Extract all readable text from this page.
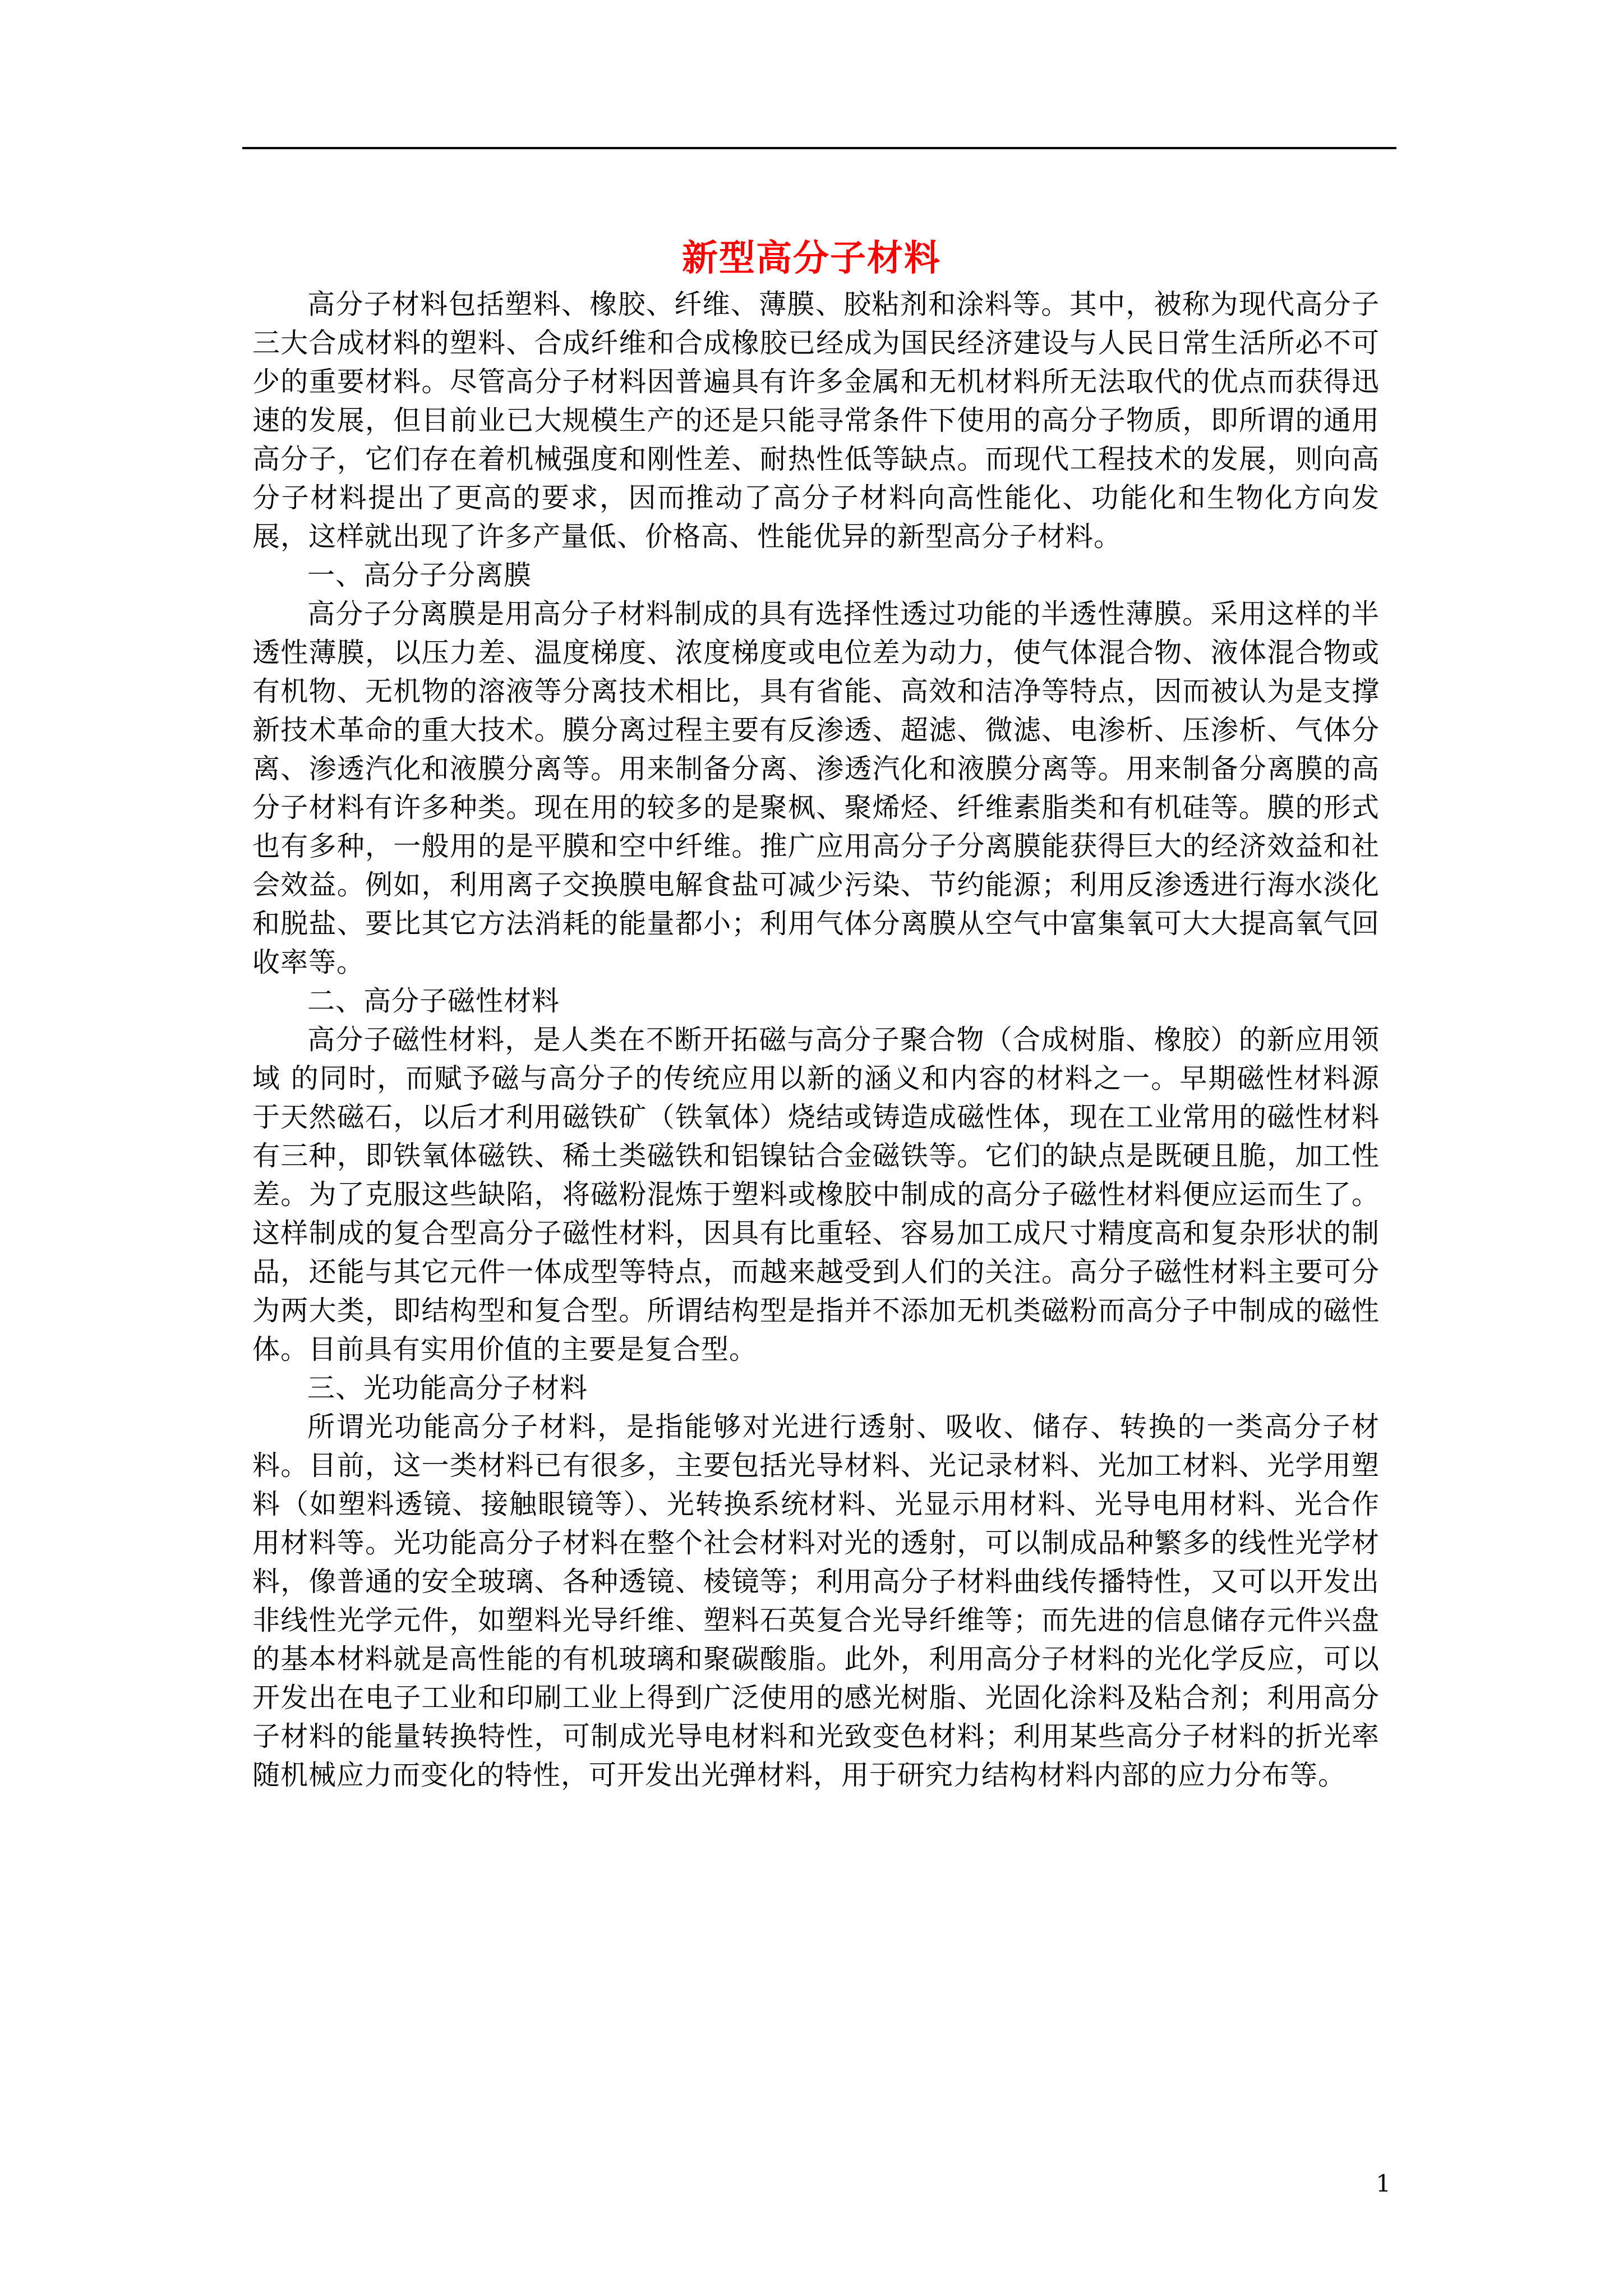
新型高分子材料

高分子材料包括塑料、橡胶、纤维、薄膜、胶粘剂和涂料等。其中，被称为现代高分子三大合成材料的塑料、合成纤维和合成橡胶已经成为国民经济建设与人民日常生活所必不可少的重要材料。尽管高分子材料因普遍具有许多金属和无机材料所无法取代的优点而获得迅速的发展，但目前业已大规模生产的还是只能寻常条件下使用的高分子物质，即所谓的通用高分子，它们存在着机械强度和刚性差、耐热性低等缺点。而现代工程技术的发展，则向高分子材料提出了更高的要求，因而推动了高分子材料向高性能化、功能化和生物化方向发展，这样就出现了许多产量低、价格高、性能优异的新型高分子材料。

一、高分子分离膜

高分子分离膜是用高分子材料制成的具有选择性透过功能的半透性薄膜。采用这样的半透性薄膜，以压力差、温度梯度、浓度梯度或电位差为动力，使气体混合物、液体混合物或有机物、无机物的溶液等分离技术相比，具有省能、高效和洁净等特点，因而被认为是支撑新技术革命的重大技术。膜分离过程主要有反渗透、超滤、微滤、电渗析、压渗析、气体分离、渗透汽化和液膜分离等。用来制备分离、渗透汽化和液膜分离等。用来制备分离膜的高分子材料有许多种类。现在用的较多的是聚枫、聚烯烃、纤维素脂类和有机硅等。膜的形式也有多种，一般用的是平膜和空中纤维。推广应用高分子分离膜能获得巨大的经济效益和社会效益。例如，利用离子交换膜电解食盐可减少污染、节约能源；利用反渗透进行海水淡化和脱盐、要比其它方法消耗的能量都小；利用气体分离膜从空气中富集氧可大大提高氧气回收率等。

二、高分子磁性材料

高分子磁性材料，是人类在不断开拓磁与高分子聚合物（合成树脂、橡胶）的新应用领域 的同时，而赋予磁与高分子的传统应用以新的涵义和内容的材料之一。早期磁性材料源于天然磁石，以后才利用磁铁矿（铁氧体）烧结或铸造成磁性体，现在工业常用的磁性材料有三种，即铁氧体磁铁、稀土类磁铁和铝镍钴合金磁铁等。它们的缺点是既硬且脆，加工性差。为了克服这些缺陷，将磁粉混炼于塑料或橡胶中制成的高分子磁性材料便应运而生了。这样制成的复合型高分子磁性材料，因具有比重轻、容易加工成尺寸精度高和复杂形状的制品，还能与其它元件一体成型等特点，而越来越受到人们的关注。高分子磁性材料主要可分为两大类，即结构型和复合型。所谓结构型是指并不添加无机类磁粉而高分子中制成的磁性体。目前具有实用价值的主要是复合型。

三、光功能高分子材料

所谓光功能高分子材料，是指能够对光进行透射、吸收、储存、转换的一类高分子材料。目前，这一类材料已有很多，主要包括光导材料、光记录材料、光加工材料、光学用塑料（如塑料透镜、接触眼镜等）、光转换系统材料、光显示用材料、光导电用材料、光合作用材料等。光功能高分子材料在整个社会材料对光的透射，可以制成品种繁多的线性光学材料，像普通的安全玻璃、各种透镜、棱镜等；利用高分子材料曲线传播特性，又可以开发出非线性光学元件，如塑料光导纤维、塑料石英复合光导纤维等；而先进的信息储存元件兴盘的基本材料就是高性能的有机玻璃和聚碳酸脂。此外，利用高分子材料的光化学反应，可以开发出在电子工业和印刷工业上得到广泛使用的感光树脂、光固化涂料及粘合剂；利用高分子材料的能量转换特性，可制成光导电材料和光致变色材料；利用某些高分子材料的折光率随机械应力而变化的特性，可开发出光弹材料，用于研究力结构材料内部的应力分布等。

1
